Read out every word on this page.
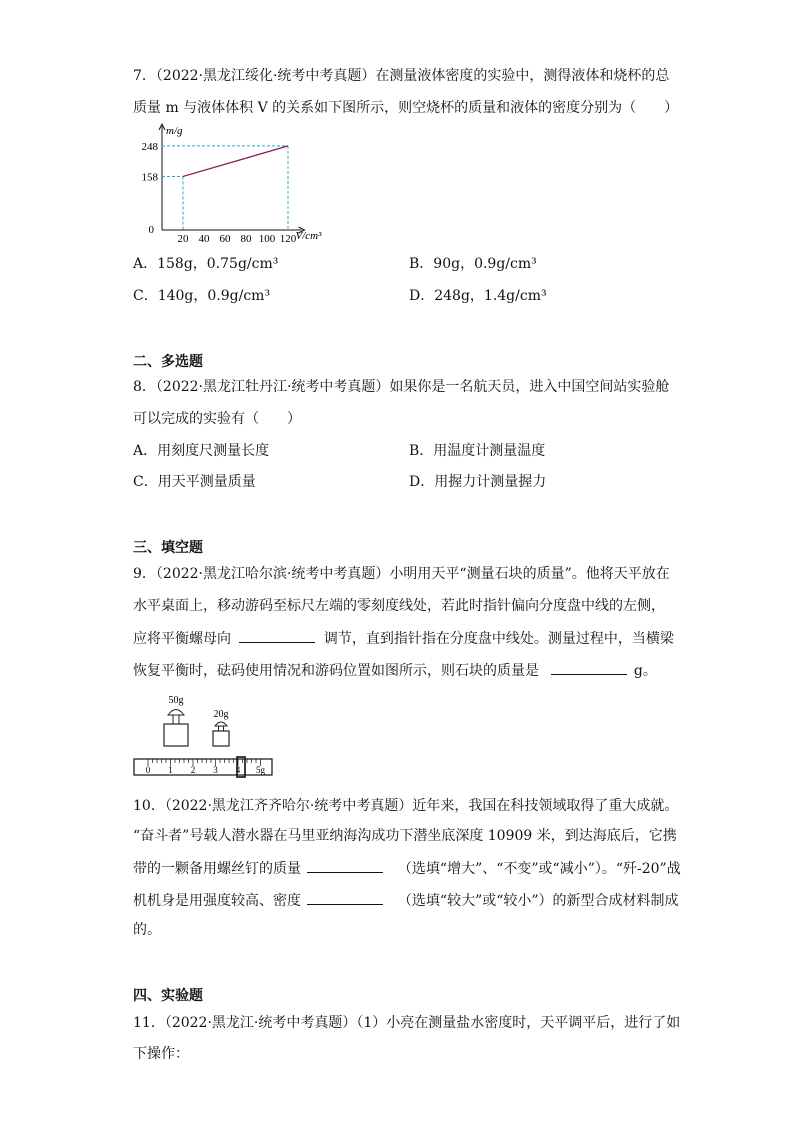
7．（2022·黑龙江绥化·统考中考真题）在测量液体密度的实验中，测得液体和烧杯的总
质量 m 与液体体积 V 的关系如下图所示，则空烧杯的质量和液体的密度分别为（　　）
20 40 60 80 100 120
158
248
0
m/g
V/cm³
A．158g，0.75g/cm³	B．90g，0.9g/cm³
C．140g，0.9g/cm³	D．248g，1.4g/cm³
二、多选题
8．（2022·黑龙江牡丹江·统考中考真题）如果你是一名航天员，进入中国空间站实验舱
可以完成的实验有（　　）
A．用刻度尺测量长度	B．用温度计测量温度
C．用天平测量质量	D．用握力计测量握力
三、填空题
9．（2022·黑龙江哈尔滨·统考中考真题）小明用天平“测量石块的质量”。他将天平放在
水平桌面上，移动游码至标尺左端的零刻度线处，若此时指针偏向分度盘中线的左侧，
应将平衡螺母向	调节，直到指针指在分度盘中线处。测量过程中，当横梁
恢复平衡时，砝码使用情况和游码位置如图所示，则石块的质量是	g。
50g
20g
0 1 2 3 4 5g
10．（2022·黑龙江齐齐哈尔·统考中考真题）近年来，我国在科技领域取得了重大成就。
“奋斗者”号载人潜水器在马里亚纳海沟成功下潜坐底深度 10909 米，到达海底后，它携
带的一颗备用螺丝钉的质量	（选填“增大”、“不变”或“减小”）。“歼-20”战
机机身是用强度较高、密度	（选填“较大”或“较小”）的新型合成材料制成
的。
四、实验题
11．（2022·黑龙江·统考中考真题）（1）小亮在测量盐水密度时，天平调平后，进行了如
下操作：
